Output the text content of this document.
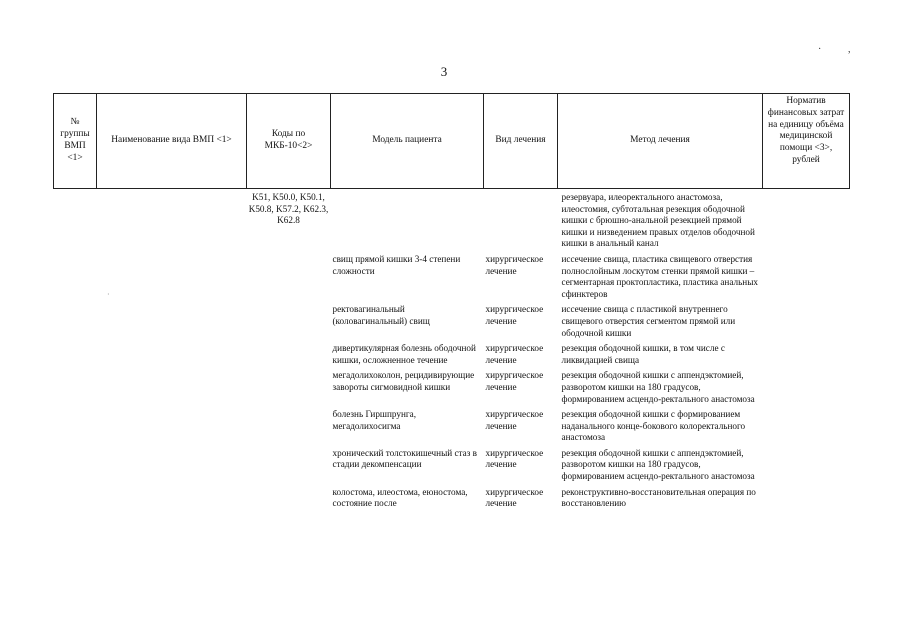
3
·	,
·
№ группы ВМП <1>	Наименование вида ВМП <1>	Коды по МКБ-10<2>	Модель пациента	Вид лечения	Метод лечения	Норматив финансовых затрат на единицу объёма медицинской помощи <3>, рублей
		K51, K50.0, K50.1, K50.8, K57.2, K62.3, K62.8			резервуара, илеоректального анастомоза, илеостомия, субтотальная резекция ободочной кишки с брюшно-анальной резекцией прямой кишки и низведением правых отделов ободочной кишки в анальный канал	
			свищ прямой кишки 3-4 степени сложности	хирургическое лечение	иссечение свища, пластика свищевого отверстия полнослойным лоскутом стенки прямой кишки – сегментарная проктопластика, пластика анальных сфинктеров	
			ректовагинальный (коловагинальный) свищ	хирургическое лечение	иссечение свища с пластикой внутреннего свищевого отверстия сегментом прямой или ободочной кишки	
			дивертикулярная болезнь ободочной кишки, осложненное течение	хирургическое лечение	резекция ободочной кишки, в том числе с ликвидацией свища	
			мегадолихоколон, рецидивирующие завороты сигмовидной кишки	хирургическое лечение	резекция ободочной кишки с аппендэктомией, разворотом кишки на 180 градусов, формированием асцендо-ректального анастомоза	
			болезнь Гиршпрунга, мегадолихосигма	хирургическое лечение	резекция ободочной кишки с формированием наданального конце-бокового колоректального анастомоза	
			хронический толстокишечный стаз в стадии декомпенсации	хирургическое лечение	резекция ободочной кишки с аппендэктомией, разворотом кишки на 180 градусов, формированием асцендо-ректального анастомоза	
			колостома, илеостома, еюностома, состояние после	хирургическое лечение	реконструктивно-восстановительная операция по восстановлению	
